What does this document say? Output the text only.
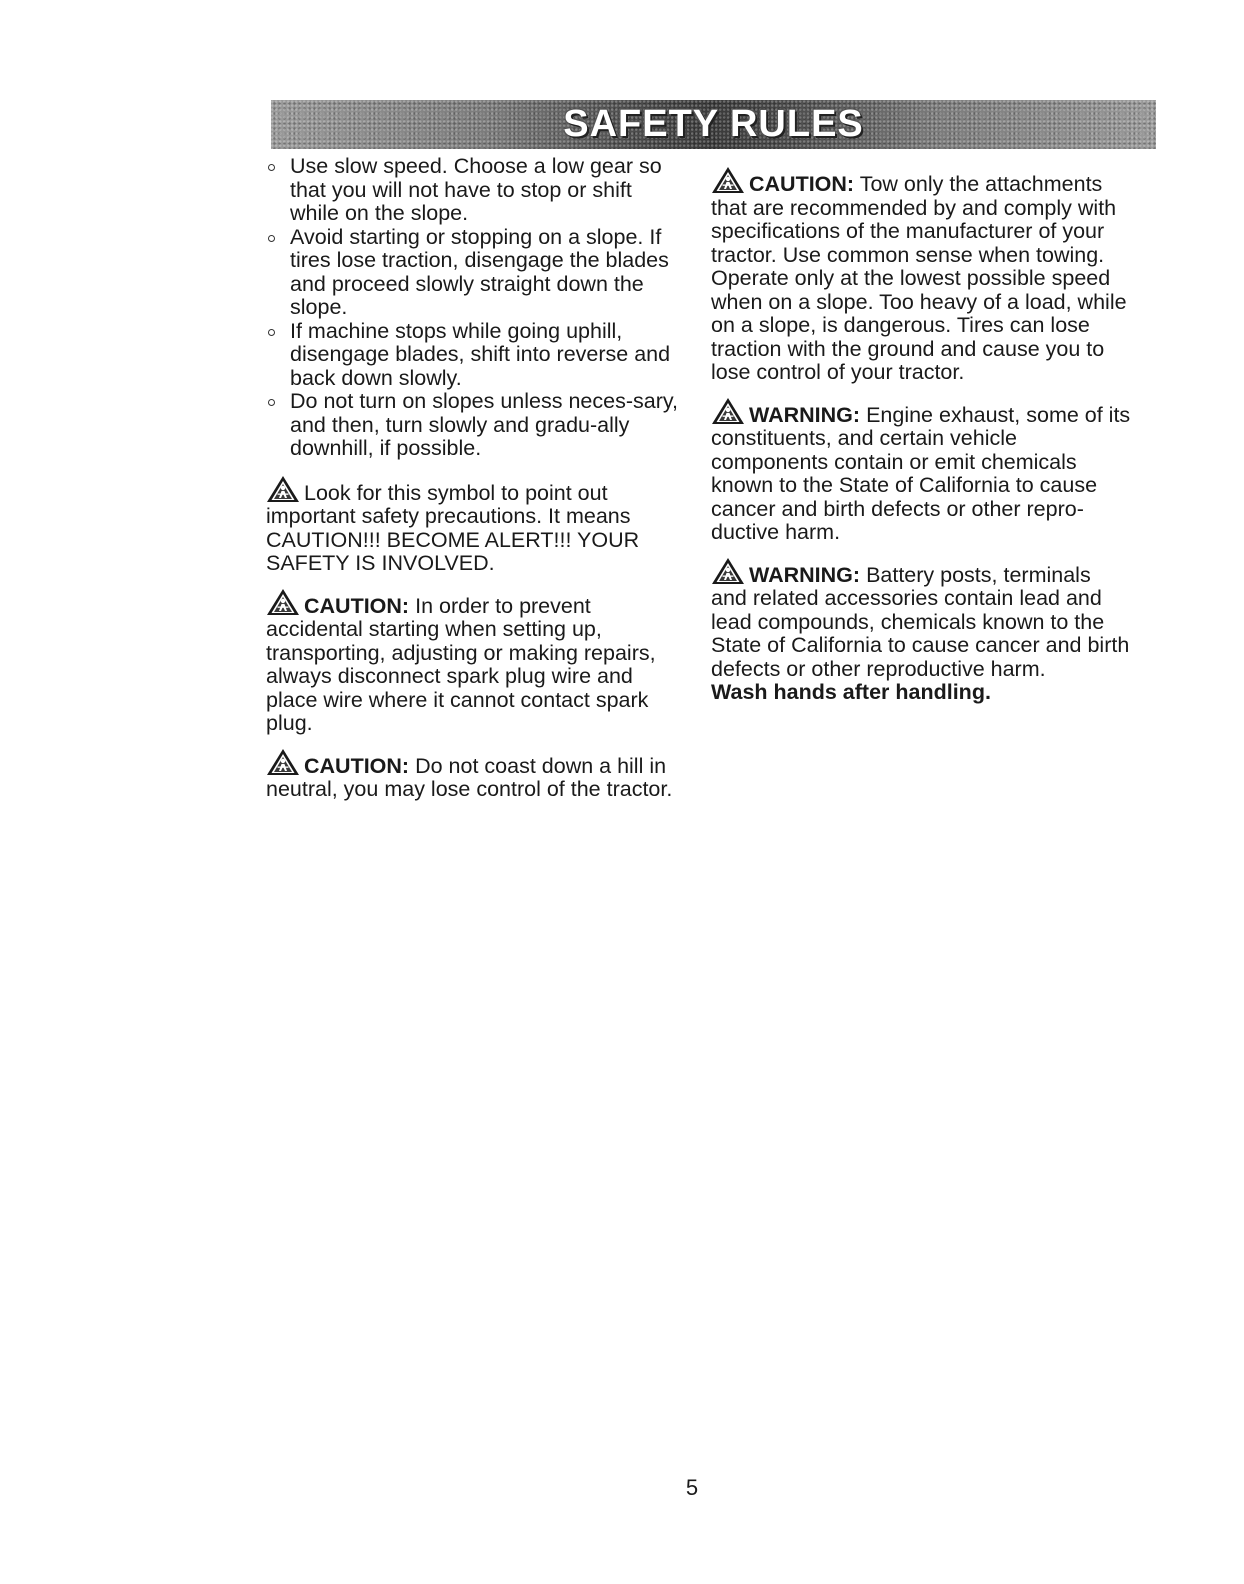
SAFETY RULES
Use slow speed. Choose a low gear so that you will not have to stop or shift while on the slope.
Avoid starting or stopping on a slope. If tires lose traction, disengage the blades and proceed slowly straight down the slope.
If machine stops while going uphill, disengage blades, shift into reverse and back down slowly.
Do not turn on slopes unless neces-sary, and then, turn slowly and gradu-ally downhill, if possible.

Look for this symbol to point out important safety precautions. It means CAUTION!!! BECOME ALERT!!! YOUR SAFETY IS INVOLVED.

CAUTION: In order to prevent accidental starting when setting up, transporting, adjusting or making repairs, always disconnect spark plug wire and place wire where it cannot contact spark plug.

CAUTION: Do not coast down a hill in neutral, you may lose control of the tractor.

CAUTION: Tow only the attachments that are recommended by and comply with specifications of the manufacturer of your tractor. Use common sense when towing. Operate only at the lowest possible speed when on a slope. Too heavy of a load, while on a slope, is dangerous. Tires can lose traction with the ground and cause you to lose control of your tractor.

WARNING: Engine exhaust, some of its constituents, and certain vehicle components contain or emit chemicals known to the State of California to cause cancer and birth defects or other repro-ductive harm.

WARNING: Battery posts, terminals and related accessories contain lead and lead compounds, chemicals known to the State of California to cause cancer and birth defects or other reproductive harm.
Wash hands after handling.

5
